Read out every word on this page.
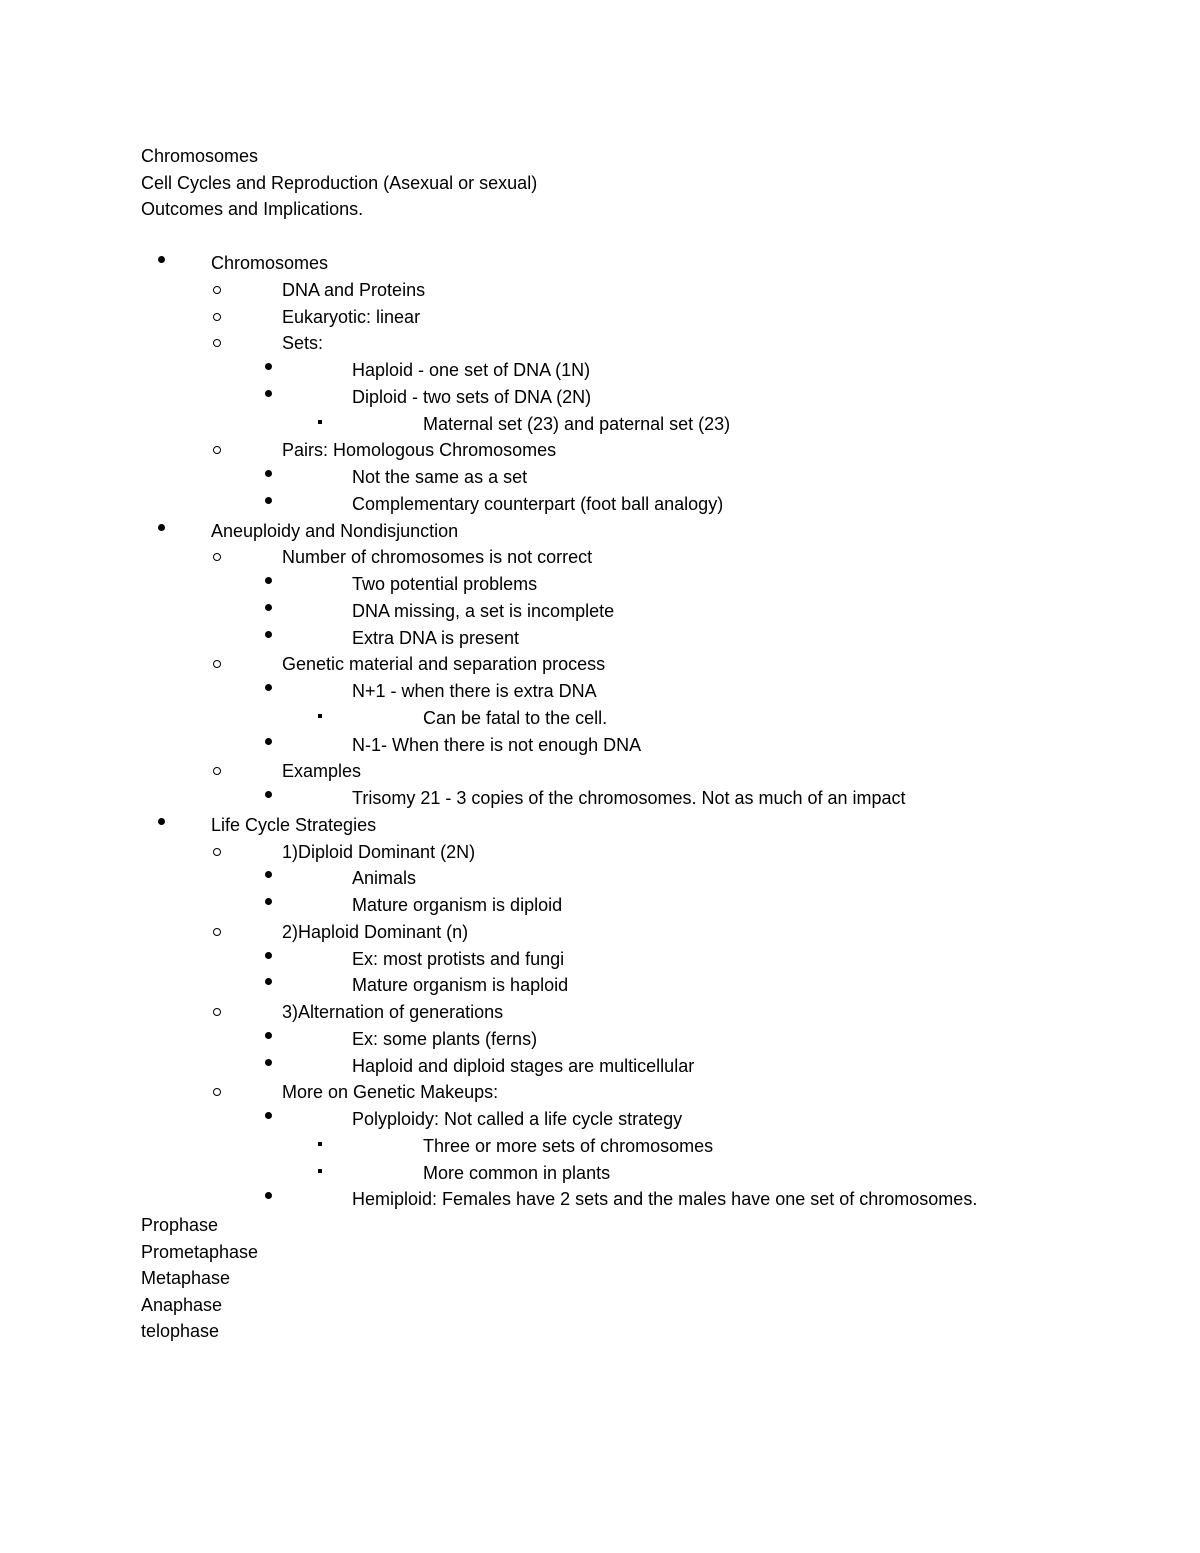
Chromosomes
Cell Cycles and Reproduction (Asexual or sexual)
Outcomes and Implications.
Chromosomes
DNA and Proteins
Eukaryotic: linear
Sets:
Haploid - one set of DNA (1N)
Diploid - two sets of DNA (2N)
Maternal set (23) and paternal set (23)
Pairs: Homologous Chromosomes
Not the same as a set
Complementary counterpart (foot ball analogy)
Aneuploidy and Nondisjunction
Number of chromosomes is not correct
Two potential problems
DNA missing, a set is incomplete
Extra DNA is present
Genetic material and separation process
N+1 - when there is extra DNA
Can be fatal to the cell.
N-1- When there is not enough DNA
Examples
Trisomy 21 - 3 copies of the chromosomes. Not as much of an impact
Life Cycle Strategies
1)Diploid Dominant (2N)
Animals
Mature organism is diploid
2)Haploid Dominant (n)
Ex: most protists and fungi
Mature organism is haploid
3)Alternation of generations
Ex: some plants (ferns)
Haploid and diploid stages are multicellular
More on Genetic Makeups:
Polyploidy: Not called a life cycle strategy
Three or more sets of chromosomes
More common in plants
Hemiploid: Females have 2 sets and the males have one set of chromosomes.
Prophase
Prometaphase
Metaphase
Anaphase
telophase
